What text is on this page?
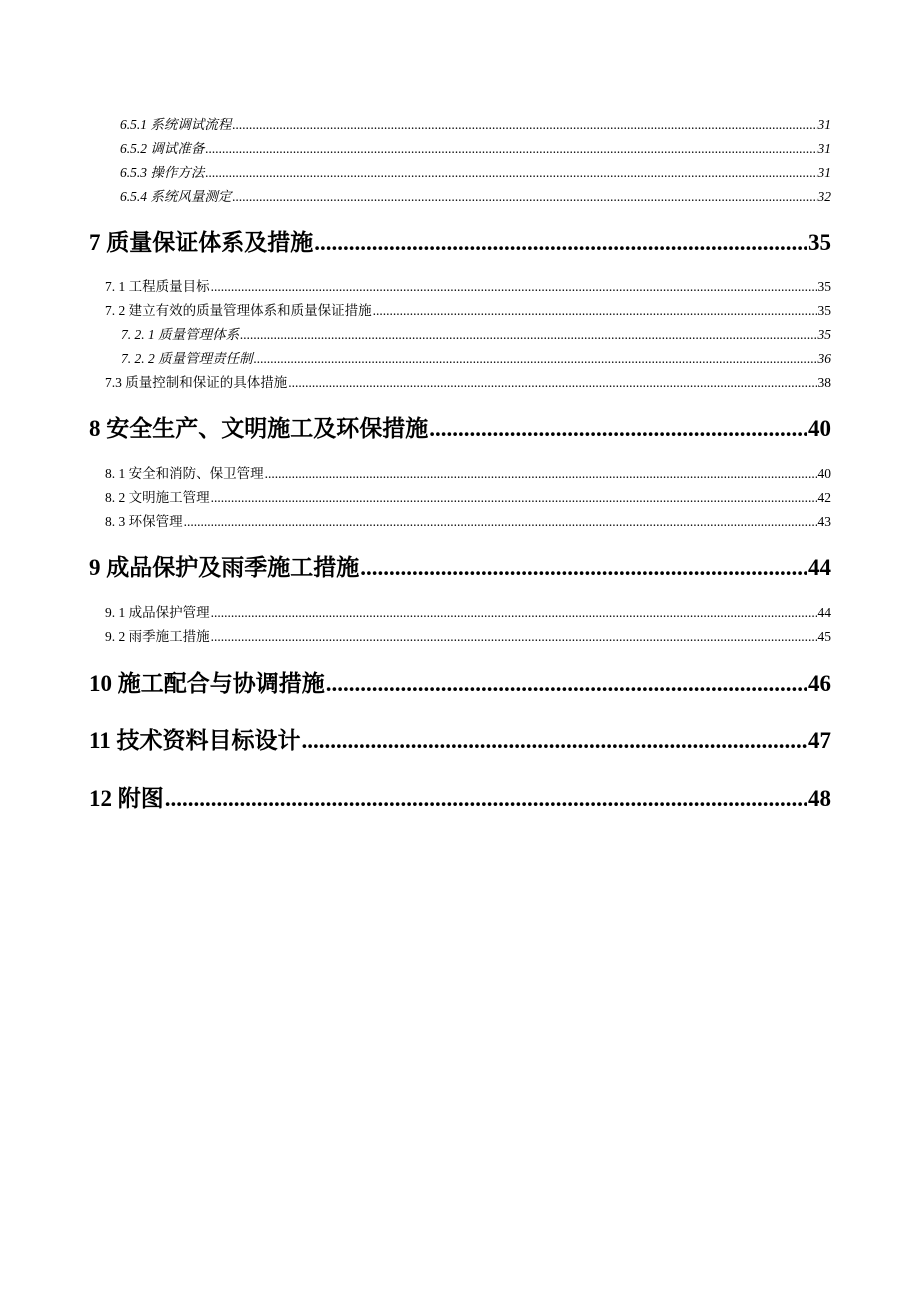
6.5.1 系统调试流程 .....	31
6.5.2 调试准备 .....	31
6.5.3 操作方法 .....	31
6.5.4 系统风量测定 .....	32
7 质量保证体系及措施 .....	35
7. 1 工程质量目标 .....	35
7. 2 建立有效的质量管理体系和质量保证措施 .....	35
7. 2. 1 质量管理体系 .....	35
7. 2. 2 质量管理责任制 .....	36
7.3 质量控制和保证的具体措施 .....	38
8 安全生产、文明施工及环保措施 .....	40
8. 1 安全和消防、保卫管理 .....	40
8. 2 文明施工管理 .....	42
8. 3 环保管理 .....	43
9 成品保护及雨季施工措施 .....	44
9. 1 成品保护管理 .....	44
9. 2 雨季施工措施 .....	45
10 施工配合与协调措施 .....	46
11 技术资料目标设计 .....	47
12 附图 .....	48
